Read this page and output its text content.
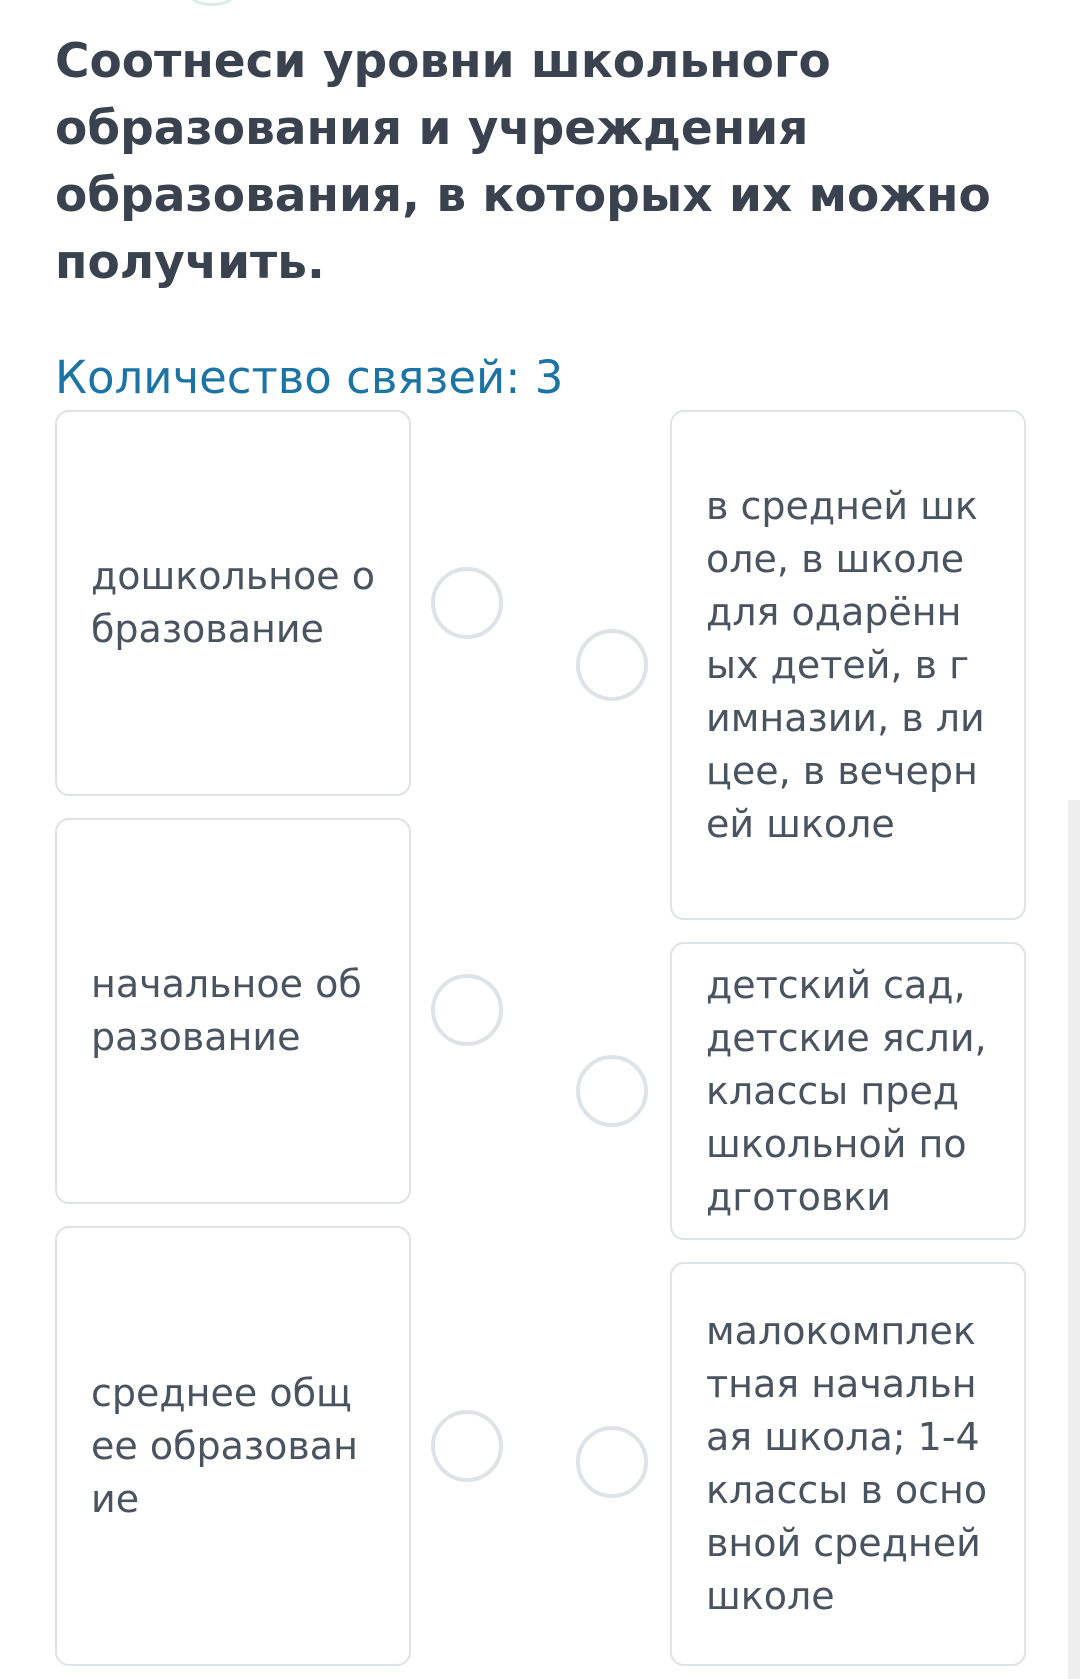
Соотнеси уровни школьного образования и учреждения образования, в которых их можно получить.
Количество связей: 3
дошкольное образование
начальное образование
среднее общее образование
в средней школе, в школе для одарённых детей, в гимназии, в лицее, в вечерней школе
детский сад, детские ясли, классы предшкольной подготовки
малокомплектная начальная школа; 1-4 классы в основной средней школе
